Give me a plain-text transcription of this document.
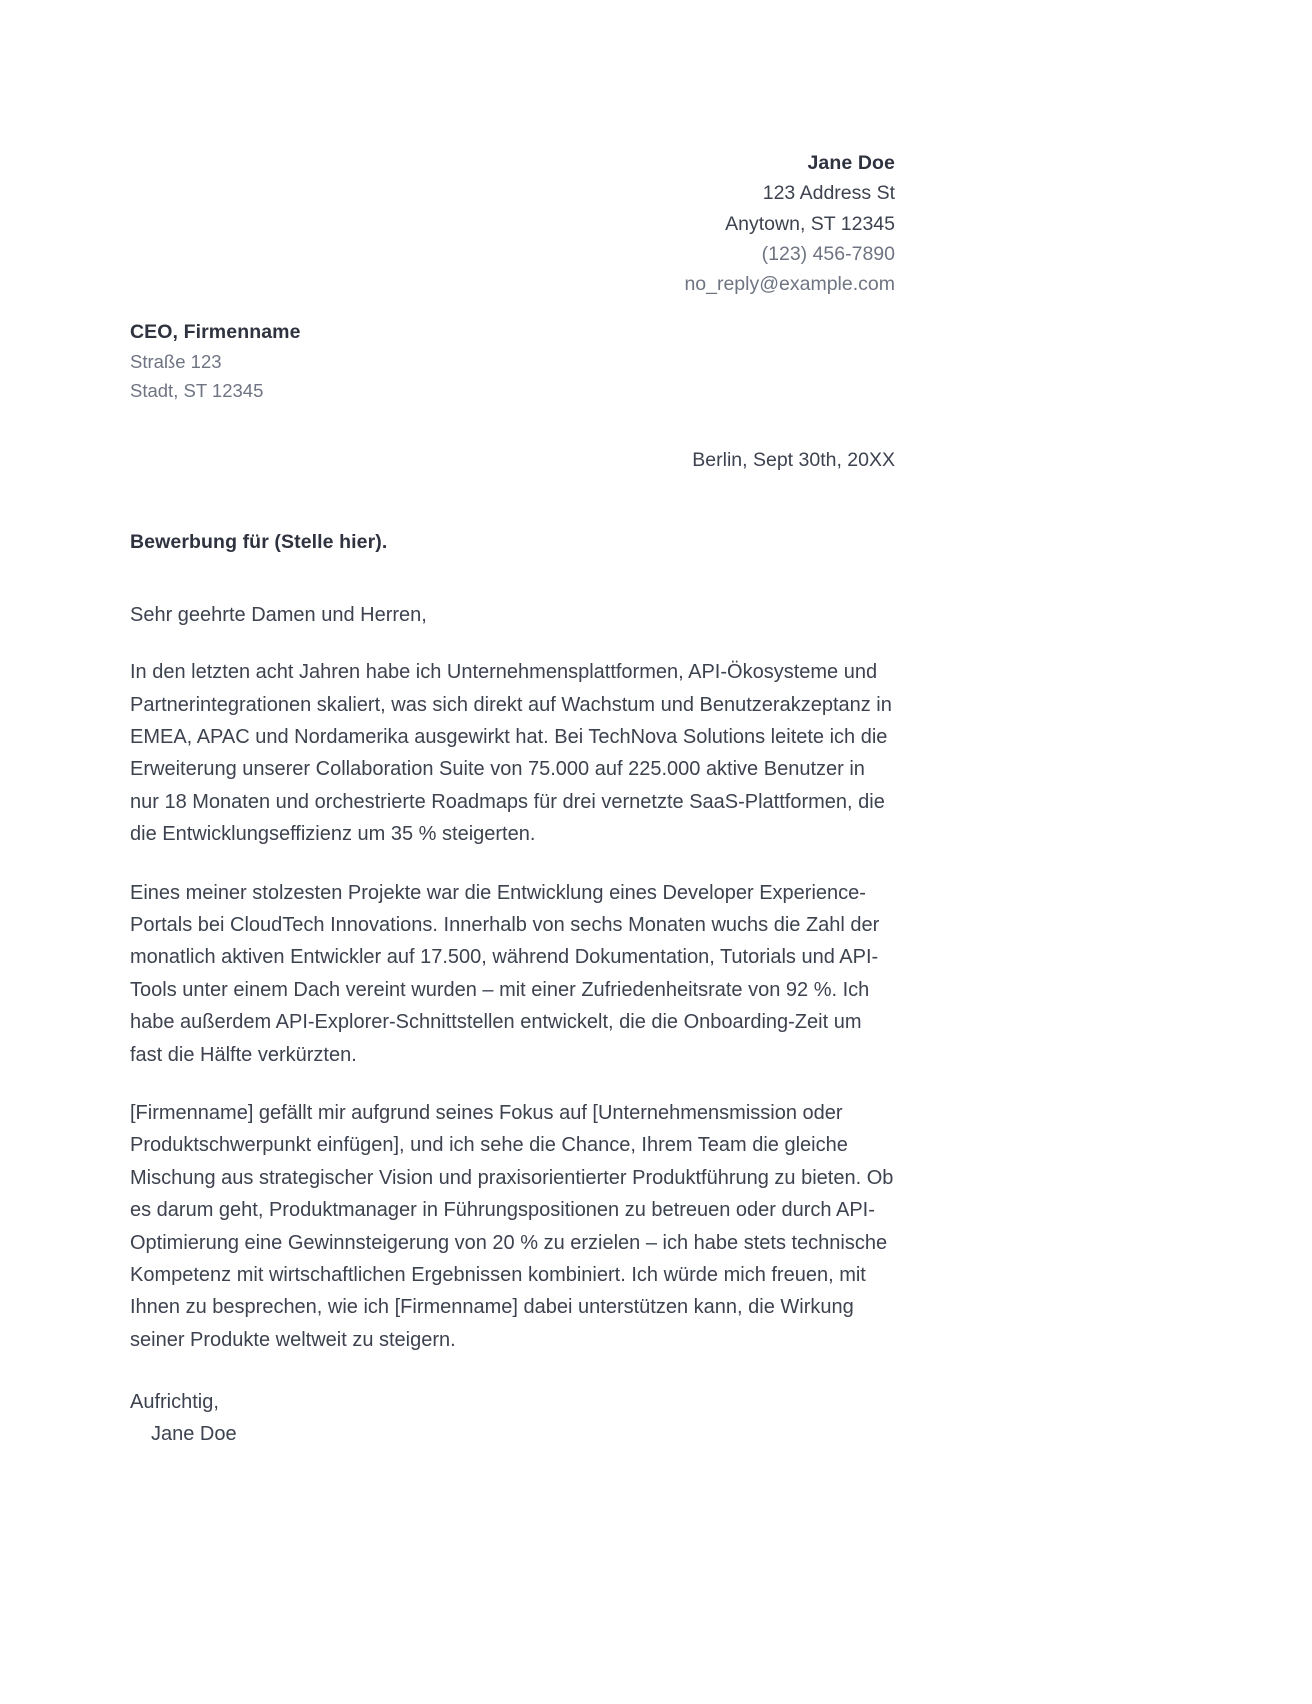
Jane Doe
123 Address St
Anytown, ST 12345
(123) 456-7890
no_reply@example.com
CEO, Firmenname
Straße 123
Stadt, ST 12345
Berlin, Sept 30th, 20XX
Bewerbung für (Stelle hier).
Sehr geehrte Damen und Herren,

In den letzten acht Jahren habe ich Unternehmensplattformen, API-Ökosysteme und Partnerintegrationen skaliert, was sich direkt auf Wachstum und Benutzerakzeptanz in EMEA, APAC und Nordamerika ausgewirkt hat. Bei TechNova Solutions leitete ich die Erweiterung unserer Collaboration Suite von 75.000 auf 225.000 aktive Benutzer in nur 18 Monaten und orchestrierte Roadmaps für drei vernetzte SaaS-Plattformen, die die Entwicklungseffizienz um 35 % steigerten.

Eines meiner stolzesten Projekte war die Entwicklung eines Developer Experience-Portals bei CloudTech Innovations. Innerhalb von sechs Monaten wuchs die Zahl der monatlich aktiven Entwickler auf 17.500, während Dokumentation, Tutorials und API-Tools unter einem Dach vereint wurden – mit einer Zufriedenheitsrate von 92 %. Ich habe außerdem API-Explorer-Schnittstellen entwickelt, die die Onboarding-Zeit um fast die Hälfte verkürzten.

[Firmenname] gefällt mir aufgrund seines Fokus auf [Unternehmensmission oder Produktschwerpunkt einfügen], und ich sehe die Chance, Ihrem Team die gleiche Mischung aus strategischer Vision und praxisorientierter Produktführung zu bieten. Ob es darum geht, Produktmanager in Führungspositionen zu betreuen oder durch API-Optimierung eine Gewinnsteigerung von 20 % zu erzielen – ich habe stets technische Kompetenz mit wirtschaftlichen Ergebnissen kombiniert. Ich würde mich freuen, mit Ihnen zu besprechen, wie ich [Firmenname] dabei unterstützen kann, die Wirkung seiner Produkte weltweit zu steigern.

Aufrichtig,
Jane Doe
